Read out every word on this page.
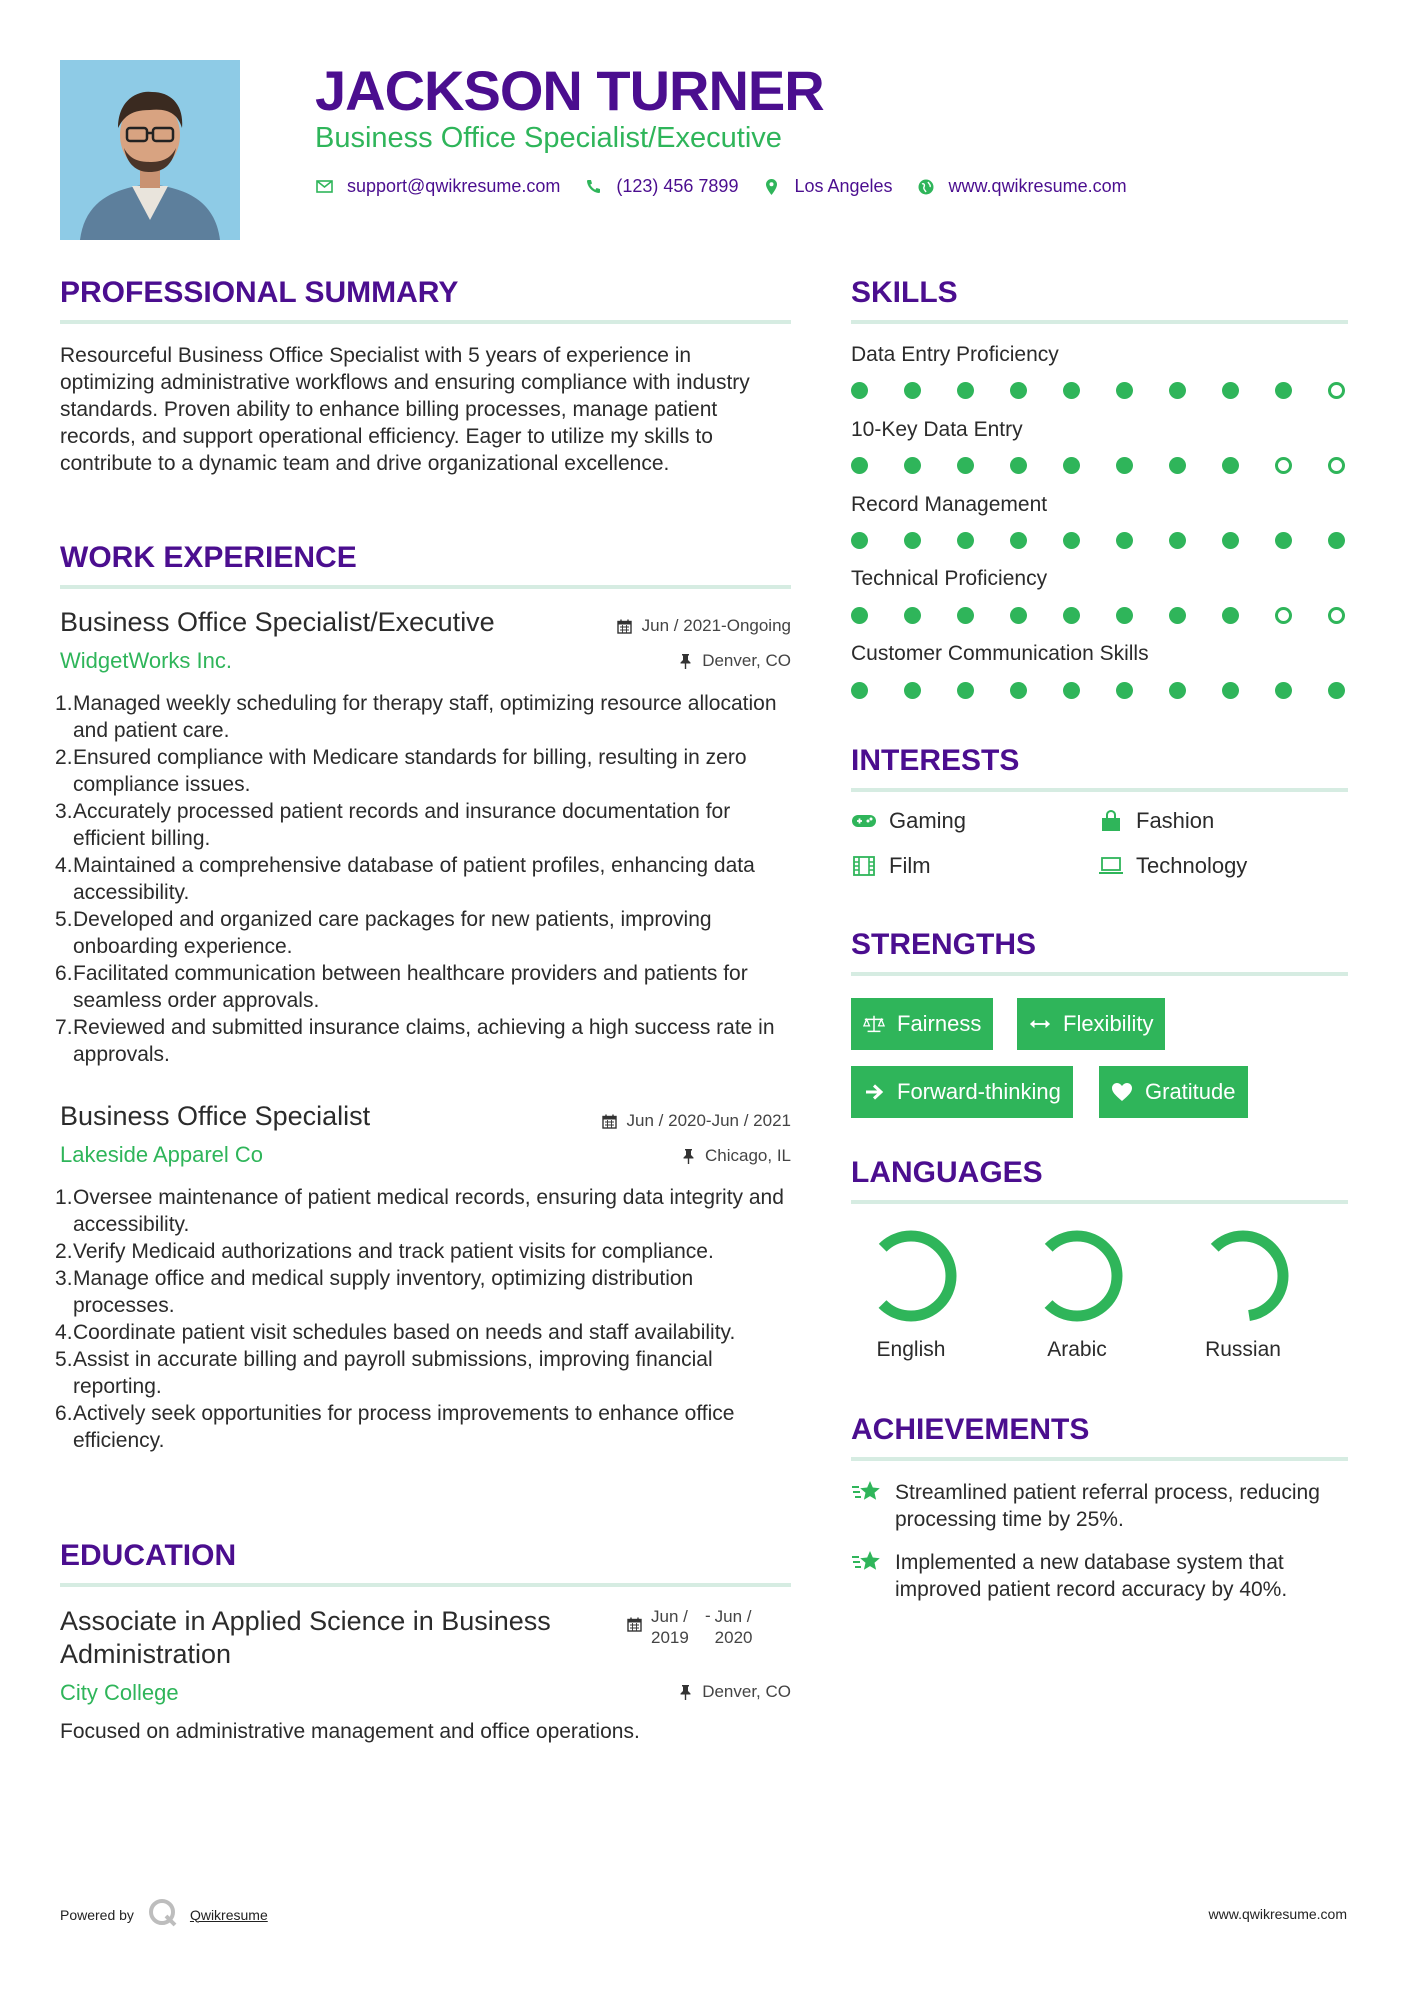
JACKSON TURNER
Business Office Specialist/Executive
support@qwikresume.com	(123) 456 7899	Los Angeles	www.qwikresume.com
PROFESSIONAL SUMMARY
Resourceful Business Office Specialist with 5 years of experience in optimizing administrative workflows and ensuring compliance with industry standards. Proven ability to enhance billing processes, manage patient records, and support operational efficiency. Eager to utilize my skills to contribute to a dynamic team and drive organizational excellence.
WORK EXPERIENCE
Business Office Specialist/Executive	Jun / 2021-Ongoing
WidgetWorks Inc.	Denver, CO
Managed weekly scheduling for therapy staff, optimizing resource allocation and patient care.
Ensured compliance with Medicare standards for billing, resulting in zero compliance issues.
Accurately processed patient records and insurance documentation for efficient billing.
Maintained a comprehensive database of patient profiles, enhancing data accessibility.
Developed and organized care packages for new patients, improving onboarding experience.
Facilitated communication between healthcare providers and patients for seamless order approvals.
Reviewed and submitted insurance claims, achieving a high success rate in approvals.
Business Office Specialist	Jun / 2020-Jun / 2021
Lakeside Apparel Co	Chicago, IL
Oversee maintenance of patient medical records, ensuring data integrity and accessibility.
Verify Medicaid authorizations and track patient visits for compliance.
Manage office and medical supply inventory, optimizing distribution processes.
Coordinate patient visit schedules based on needs and staff availability.
Assist in accurate billing and payroll submissions, improving financial reporting.
Actively seek opportunities for process improvements to enhance office efficiency.
EDUCATION
Associate in Applied Science in Business Administration
Jun / 2019
- Jun / 2020
City College	Denver, CO
Focused on administrative management and office operations.
SKILLS
Data Entry Proficiency
10-Key Data Entry
Record Management
Technical Proficiency
Customer Communication Skills
INTERESTS
Gaming	Fashion
Film	Technology
STRENGTHS
Fairness	Flexibility
Forward-thinking	Gratitude
LANGUAGES
English	Arabic	Russian
ACHIEVEMENTS
Streamlined patient referral process, reducing processing time by 25%.
Implemented a new database system that improved patient record accuracy by 40%.
Powered by	Qwikresume	www.qwikresume.com
